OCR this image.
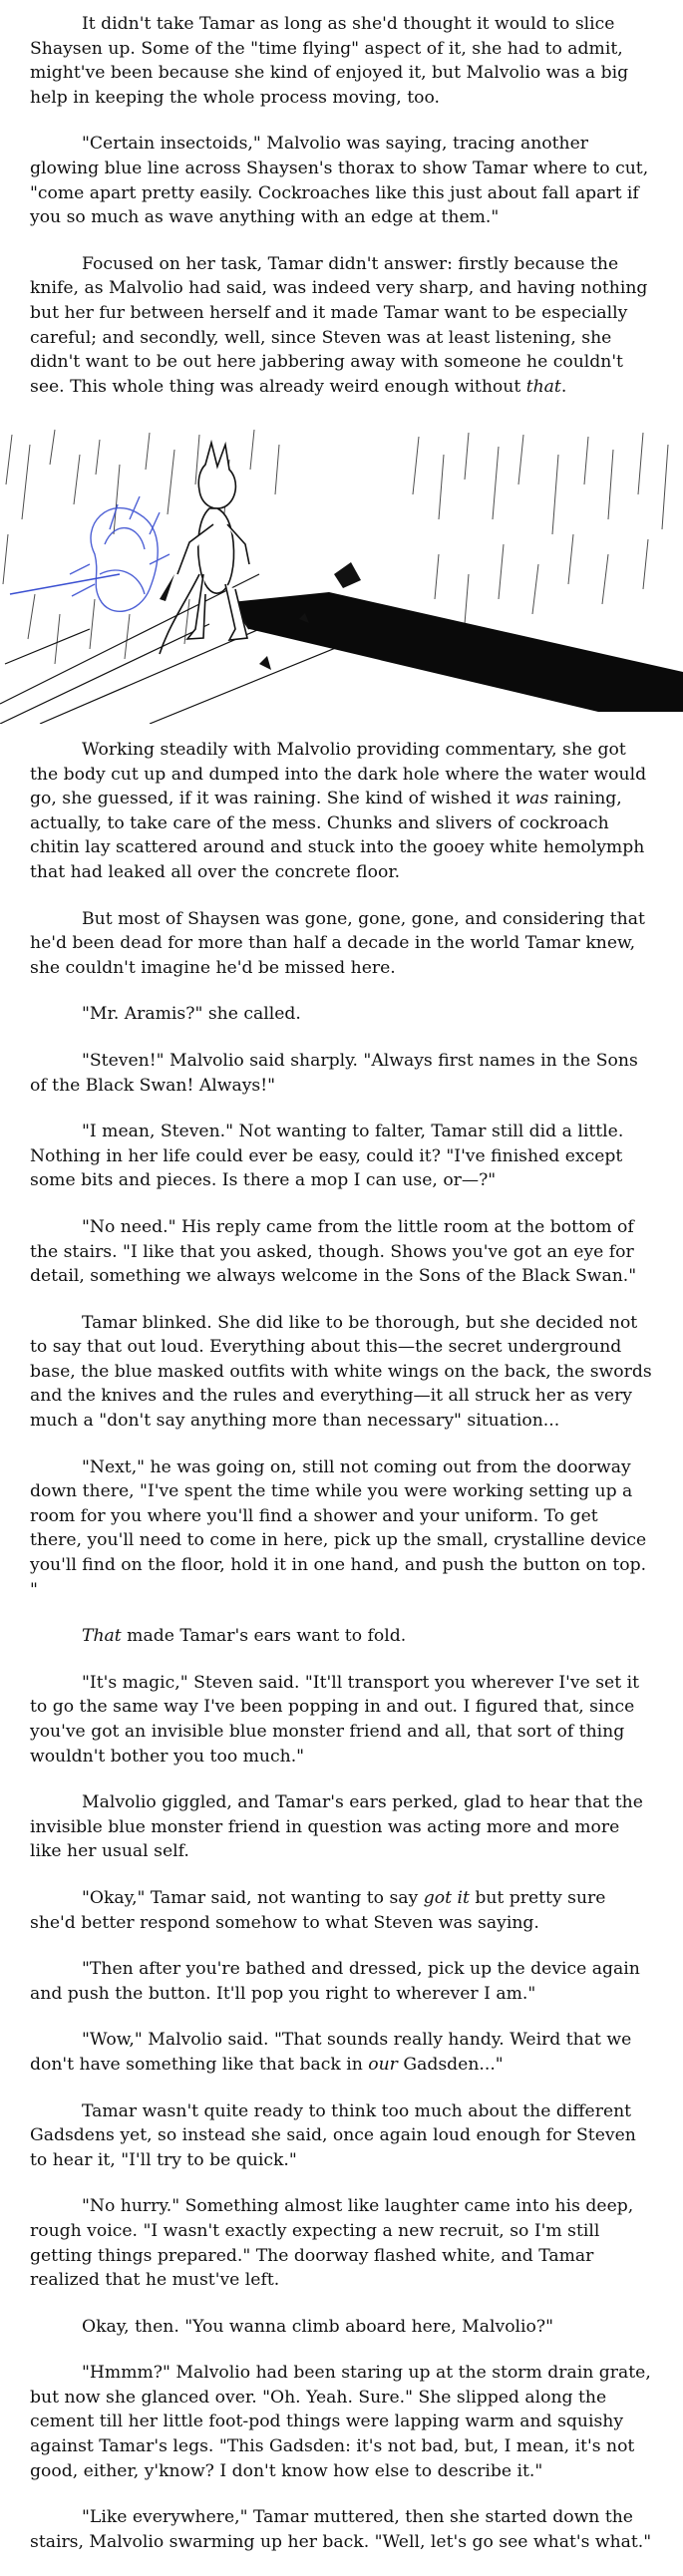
It didn't take Tamar as long as she'd thought it would to slice Shaysen up. Some of the "time flying" aspect of it, she had to admit, might've been because she kind of enjoyed it, but Malvolio was a big help in keeping the whole process moving, too.

"Certain insectoids," Malvolio was saying, tracing another glowing blue line across Shaysen's thorax to show Tamar where to cut, "come apart pretty easily. Cockroaches like this just about fall apart if you so much as wave anything with an edge at them."

Focused on her task, Tamar didn't answer: firstly because the knife, as Malvolio had said, was indeed very sharp, and having nothing but her fur between herself and it made Tamar want to be especially careful; and secondly, well, since Steven was at least listening, she didn't want to be out here jabbering away with someone he couldn't see. This whole thing was already weird enough without that.

Working steadily with Malvolio providing commentary, she got the body cut up and dumped into the dark hole where the water would go, she guessed, if it was raining. She kind of wished it was raining, actually, to take care of the mess. Chunks and slivers of cockroach chitin lay scattered around and stuck into the gooey white hemolymph that had leaked all over the concrete floor.

But most of Shaysen was gone, gone, gone, and considering that he'd been dead for more than half a decade in the world Tamar knew, she couldn't imagine he'd be missed here.

"Mr. Aramis?" she called.

"Steven!" Malvolio said sharply. "Always first names in the Sons of the Black Swan! Always!"

"I mean, Steven." Not wanting to falter, Tamar still did a little. Nothing in her life could ever be easy, could it? "I've finished except some bits and pieces. Is there a mop I can use, or—?"

"No need." His reply came from the little room at the bottom of the stairs. "I like that you asked, though. Shows you've got an eye for detail, something we always welcome in the Sons of the Black Swan."

Tamar blinked. She did like to be thorough, but she decided not to say that out loud. Everything about this—the secret underground base, the blue masked outfits with white wings on the back, the swords and the knives and the rules and everything—it all struck her as very much a "don't say anything more than necessary" situation...

"Next," he was going on, still not coming out from the doorway down there, "I've spent the time while you were working setting up a room for you where you'll find a shower and your uniform. To get there, you'll need to come in here, pick up the small, crystalline device you'll find on the floor, hold it in one hand, and push the button on top. "

That made Tamar's ears want to fold.

"It's magic," Steven said. "It'll transport you wherever I've set it to go the same way I've been popping in and out. I figured that, since you've got an invisible blue monster friend and all, that sort of thing wouldn't bother you too much."

Malvolio giggled, and Tamar's ears perked, glad to hear that the invisible blue monster friend in question was acting more and more like her usual self.

"Okay," Tamar said, not wanting to say got it but pretty sure she'd better respond somehow to what Steven was saying.

"Then after you're bathed and dressed, pick up the device again and push the button. It'll pop you right to wherever I am."

"Wow," Malvolio said. "That sounds really handy. Weird that we don't have something like that back in our Gadsden..."

Tamar wasn't quite ready to think too much about the different Gadsdens yet, so instead she said, once again loud enough for Steven to hear it, "I'll try to be quick."

"No hurry." Something almost like laughter came into his deep, rough voice. "I wasn't exactly expecting a new recruit, so I'm still getting things prepared." The doorway flashed white, and Tamar realized that he must've left.

Okay, then. "You wanna climb aboard here, Malvolio?"

"Hmmm?" Malvolio had been staring up at the storm drain grate, but now she glanced over. "Oh. Yeah. Sure." She slipped along the cement till her little foot-pod things were lapping warm and squishy against Tamar's legs. "This Gadsden: it's not bad, but, I mean, it's not good, either, y'know? I don't know how else to describe it."

"Like everywhere," Tamar muttered, then she started down the stairs, Malvolio swarming up her back. "Well, let's go see what's what."
